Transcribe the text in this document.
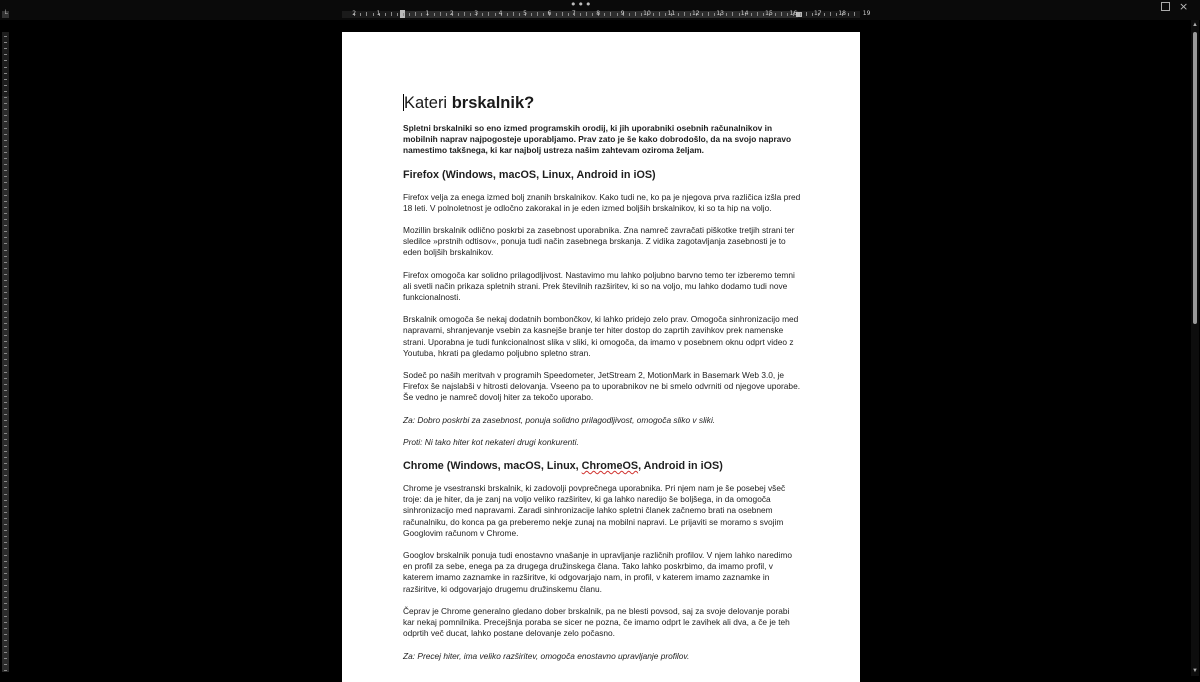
•••	×
└	2	1	1	2	3	4	5	6	7	8	9	10	11	12	13	14	15	16	17	18	19
▲
▼
Kateri brskalnik?

Spletni brskalniki so eno izmed programskih orodij, ki jih uporabniki osebnih računalnikov in mobilnih naprav najpogosteje uporabljamo. Prav zato je še kako dobrodošlo, da na svojo napravo namestimo takšnega, ki kar najbolj ustreza našim zahtevam oziroma željam.

Firefox (Windows, macOS, Linux, Android in iOS)

Firefox velja za enega izmed bolj znanih brskalnikov. Kako tudi ne, ko pa je njegova prva različica izšla pred 18 leti. V polnoletnost je odločno zakorakal in je eden izmed boljših brskalnikov, ki so ta hip na voljo.

Mozillin brskalnik odlično poskrbi za zasebnost uporabnika. Zna namreč zavračati piškotke tretjih strani ter sledilce »prstnih odtisov«, ponuja tudi način zasebnega brskanja. Z vidika zagotavljanja zasebnosti je to eden boljših brskalnikov.

Firefox omogoča kar solidno prilagodljivost. Nastavimo mu lahko poljubno barvno temo ter izberemo temni ali svetli način prikaza spletnih strani. Prek številnih razširitev, ki so na voljo, mu lahko dodamo tudi nove funkcionalnosti.

Brskalnik omogoča še nekaj dodatnih bombončkov, ki lahko pridejo zelo prav. Omogoča sinhronizacijo med napravami, shranjevanje vsebin za kasnejše branje ter hiter dostop do zaprtih zavihkov prek namenske strani. Uporabna je tudi funkcionalnost slika v sliki, ki omogoča, da imamo v posebnem oknu odprt video z Youtuba, hkrati pa gledamo poljubno spletno stran.

Sodeč po naših meritvah v programih Speedometer, JetStream 2, MotionMark in Basemark Web 3.0, je Firefox še najslabši v hitrosti delovanja. Vseeno pa to uporabnikov ne bi smelo odvrniti od njegove uporabe. Še vedno je namreč dovolj hiter za tekočo uporabo.

Za: Dobro poskrbi za zasebnost, ponuja solidno prilagodljivost, omogoča sliko v sliki.

Proti: Ni tako hiter kot nekateri drugi konkurenti.

Chrome (Windows, macOS, Linux, ChromeOS, Android in iOS)

Chrome je vsestranski brskalnik, ki zadovolji povprečnega uporabnika. Pri njem nam je še posebej všeč troje: da je hiter, da je zanj na voljo veliko razširitev, ki ga lahko naredijo še boljšega, in da omogoča sinhronizacijo med napravami. Zaradi sinhronizacije lahko spletni članek začnemo brati na osebnem računalniku, do konca pa ga preberemo nekje zunaj na mobilni napravi. Le prijaviti se moramo s svojim Googlovim računom v Chrome.

Googlov brskalnik ponuja tudi enostavno vnašanje in upravljanje različnih profilov. V njem lahko naredimo en profil za sebe, enega pa za drugega družinskega člana. Tako lahko poskrbimo, da imamo profil, v katerem imamo zaznamke in razširitve, ki odgovarjajo nam, in profil, v katerem imamo zaznamke in razširitve, ki odgovarjajo drugemu družinskemu članu.

Čeprav je Chrome generalno gledano dober brskalnik, pa ne blesti povsod, saj za svoje delovanje porabi kar nekaj pomnilnika. Precejšnja poraba se sicer ne pozna, če imamo odprt le zavihek ali dva, a če je teh odprtih več ducat, lahko postane delovanje zelo počasno.

Za: Precej hiter, ima veliko razširitev, omogoča enostavno upravljanje profilov.
